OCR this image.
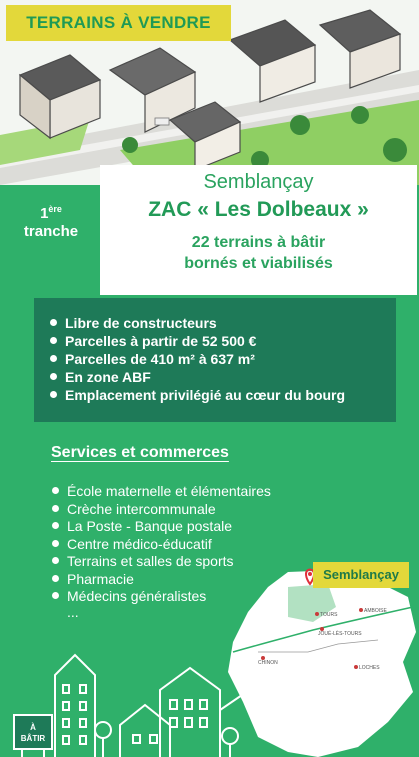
TERRAINS À VENDRE
1ère
tranche
Semblançay
ZAC « Les Dolbeaux »
22 terrains à bâtir
bornés et viabilisés
Libre de constructeurs
Parcelles à partir de 52 500 €
Parcelles de 410 m² à 637 m²
En zone ABF
Emplacement privilégié au cœur du bourg
Services et commerces
École maternelle et élémentaires
Crèche intercommunale
La Poste - Banque postale
Centre médico-éducatif
Terrains et salles de sports
Pharmacie
Médecins généralistes
...	TOURS
AMBOISE
JOUÉ-LÈS-TOURS
CHINON
LOCHES
Semblançay
À
BÂTIR
